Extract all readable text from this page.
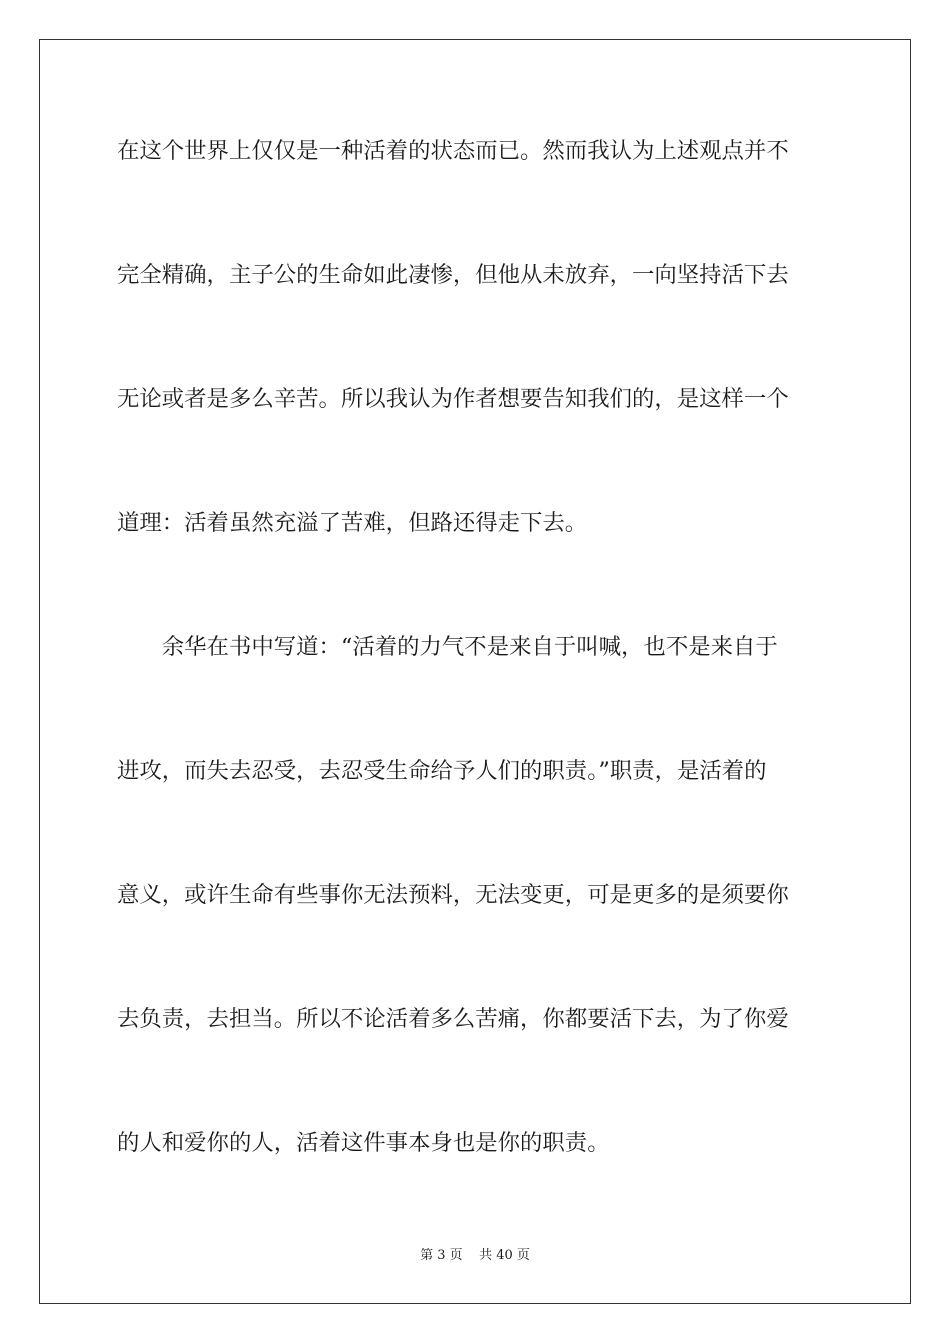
在这个世界上仅仅是一种活着的状态而已。然而我认为上述观点并不
完全精确，主子公的生命如此凄惨，但他从未放弃，一向坚持活下去
无论或者是多么辛苦。所以我认为作者想要告知我们的，是这样一个
道理：活着虽然充溢了苦难，但路还得走下去。
　　余华在书中写道：“活着的力气不是来自于叫喊，也不是来自于
进攻，而失去忍受，去忍受生命给予人们的职责。”职责，是活着的
意义，或许生命有些事你无法预料，无法变更，可是更多的是须要你
去负责，去担当。所以不论活着多么苦痛，你都要活下去，为了你爱
的人和爱你的人，活着这件事本身也是你的职责。
第 3 页    共 40 页
